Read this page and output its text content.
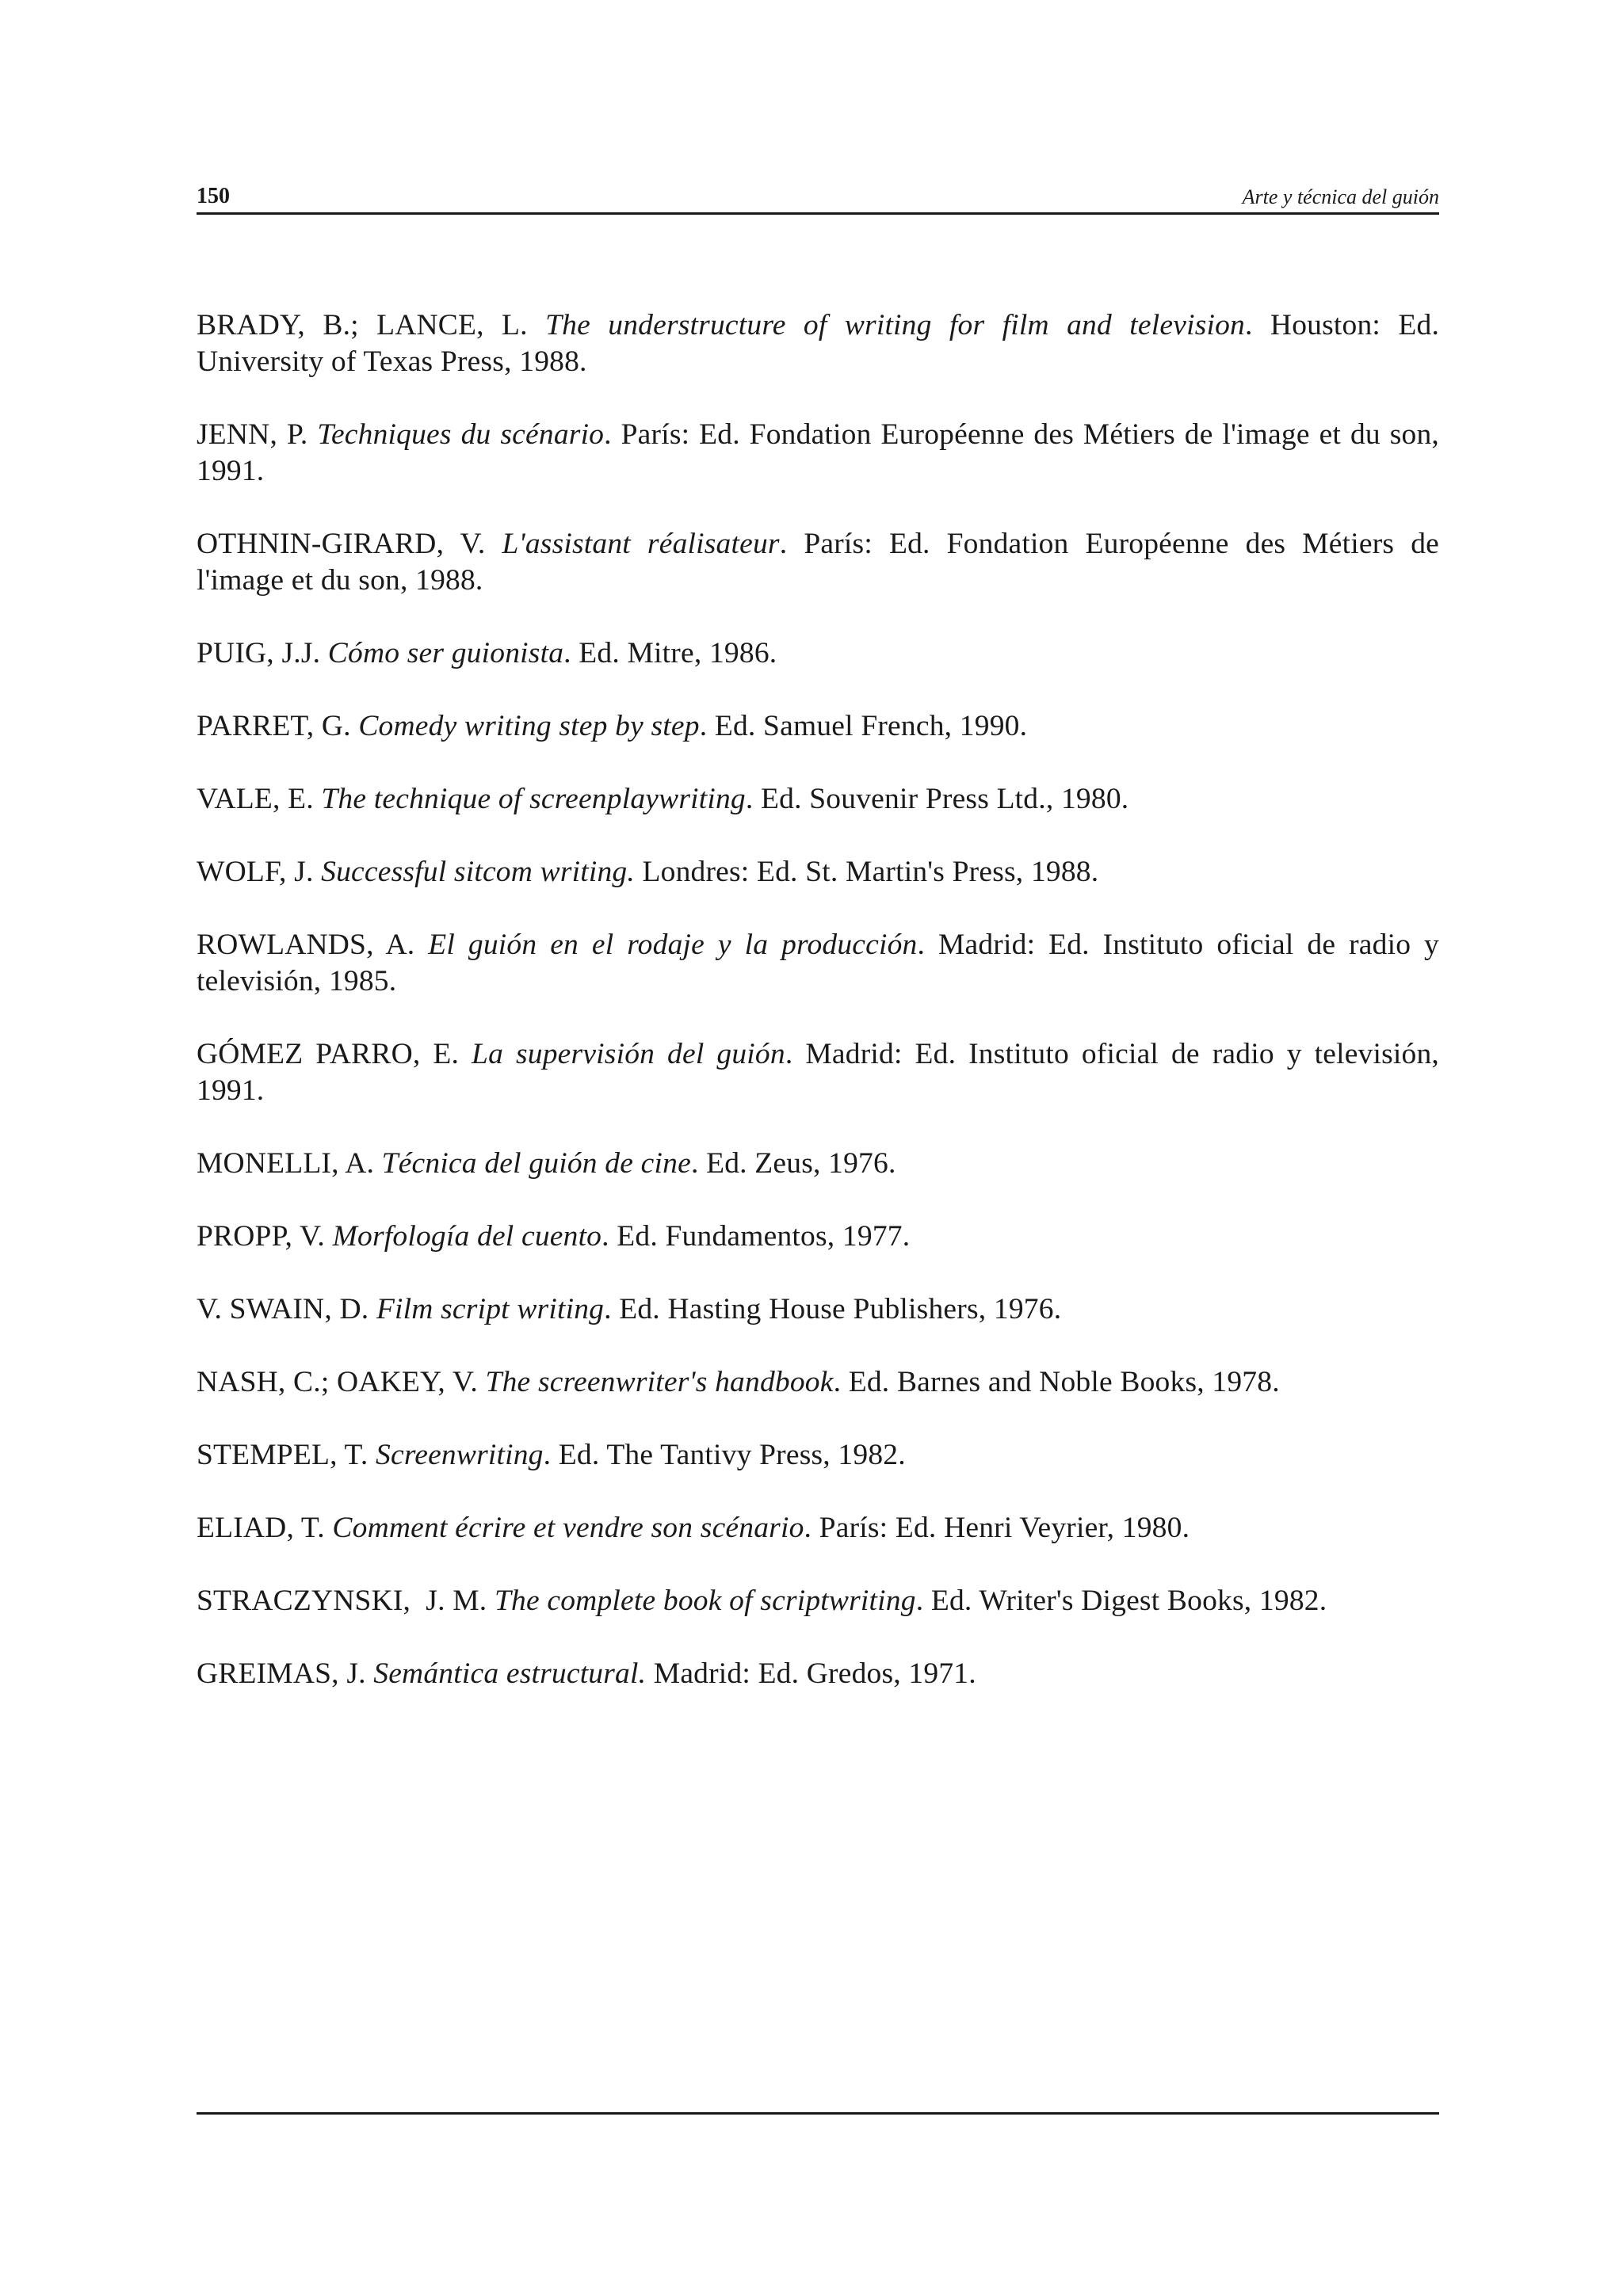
150	Arte y técnica del guión
BRADY, B.; LANCE, L. The understructure of writing for film and television. Houston: Ed. University of Texas Press, 1988.
JENN, P. Techniques du scénario. París: Ed. Fondation Européenne des Métiers de l'image et du son, 1991.
OTHNIN-GIRARD, V. L'assistant réalisateur. París: Ed. Fondation Européenne des Métiers de l'image et du son, 1988.
PUIG, J.J. Cómo ser guionista. Ed. Mitre, 1986.
PARRET, G. Comedy writing step by step. Ed. Samuel French, 1990.
VALE, E. The technique of screenplaywriting. Ed. Souvenir Press Ltd., 1980.
WOLF, J. Successful sitcom writing. Londres: Ed. St. Martin's Press, 1988.
ROWLANDS, A. El guión en el rodaje y la producción. Madrid: Ed. Instituto oficial de radio y televisión, 1985.
GÓMEZ PARRO, E. La supervisión del guión. Madrid: Ed. Instituto oficial de radio y televisión, 1991.
MONELLI, A. Técnica del guión de cine. Ed. Zeus, 1976.
PROPP, V. Morfología del cuento. Ed. Fundamentos, 1977.
V. SWAIN, D. Film script writing. Ed. Hasting House Publishers, 1976.
NASH, C.; OAKEY, V. The screenwriter's handbook. Ed. Barnes and Noble Books, 1978.
STEMPEL, T. Screenwriting. Ed. The Tantivy Press, 1982.
ELIAD, T. Comment écrire et vendre son scénario. París: Ed. Henri Veyrier, 1980.
STRACZYNSKI,  J. M. The complete book of scriptwriting. Ed. Writer's Digest Books, 1982.
GREIMAS, J. Semántica estructural. Madrid: Ed. Gredos, 1971.
